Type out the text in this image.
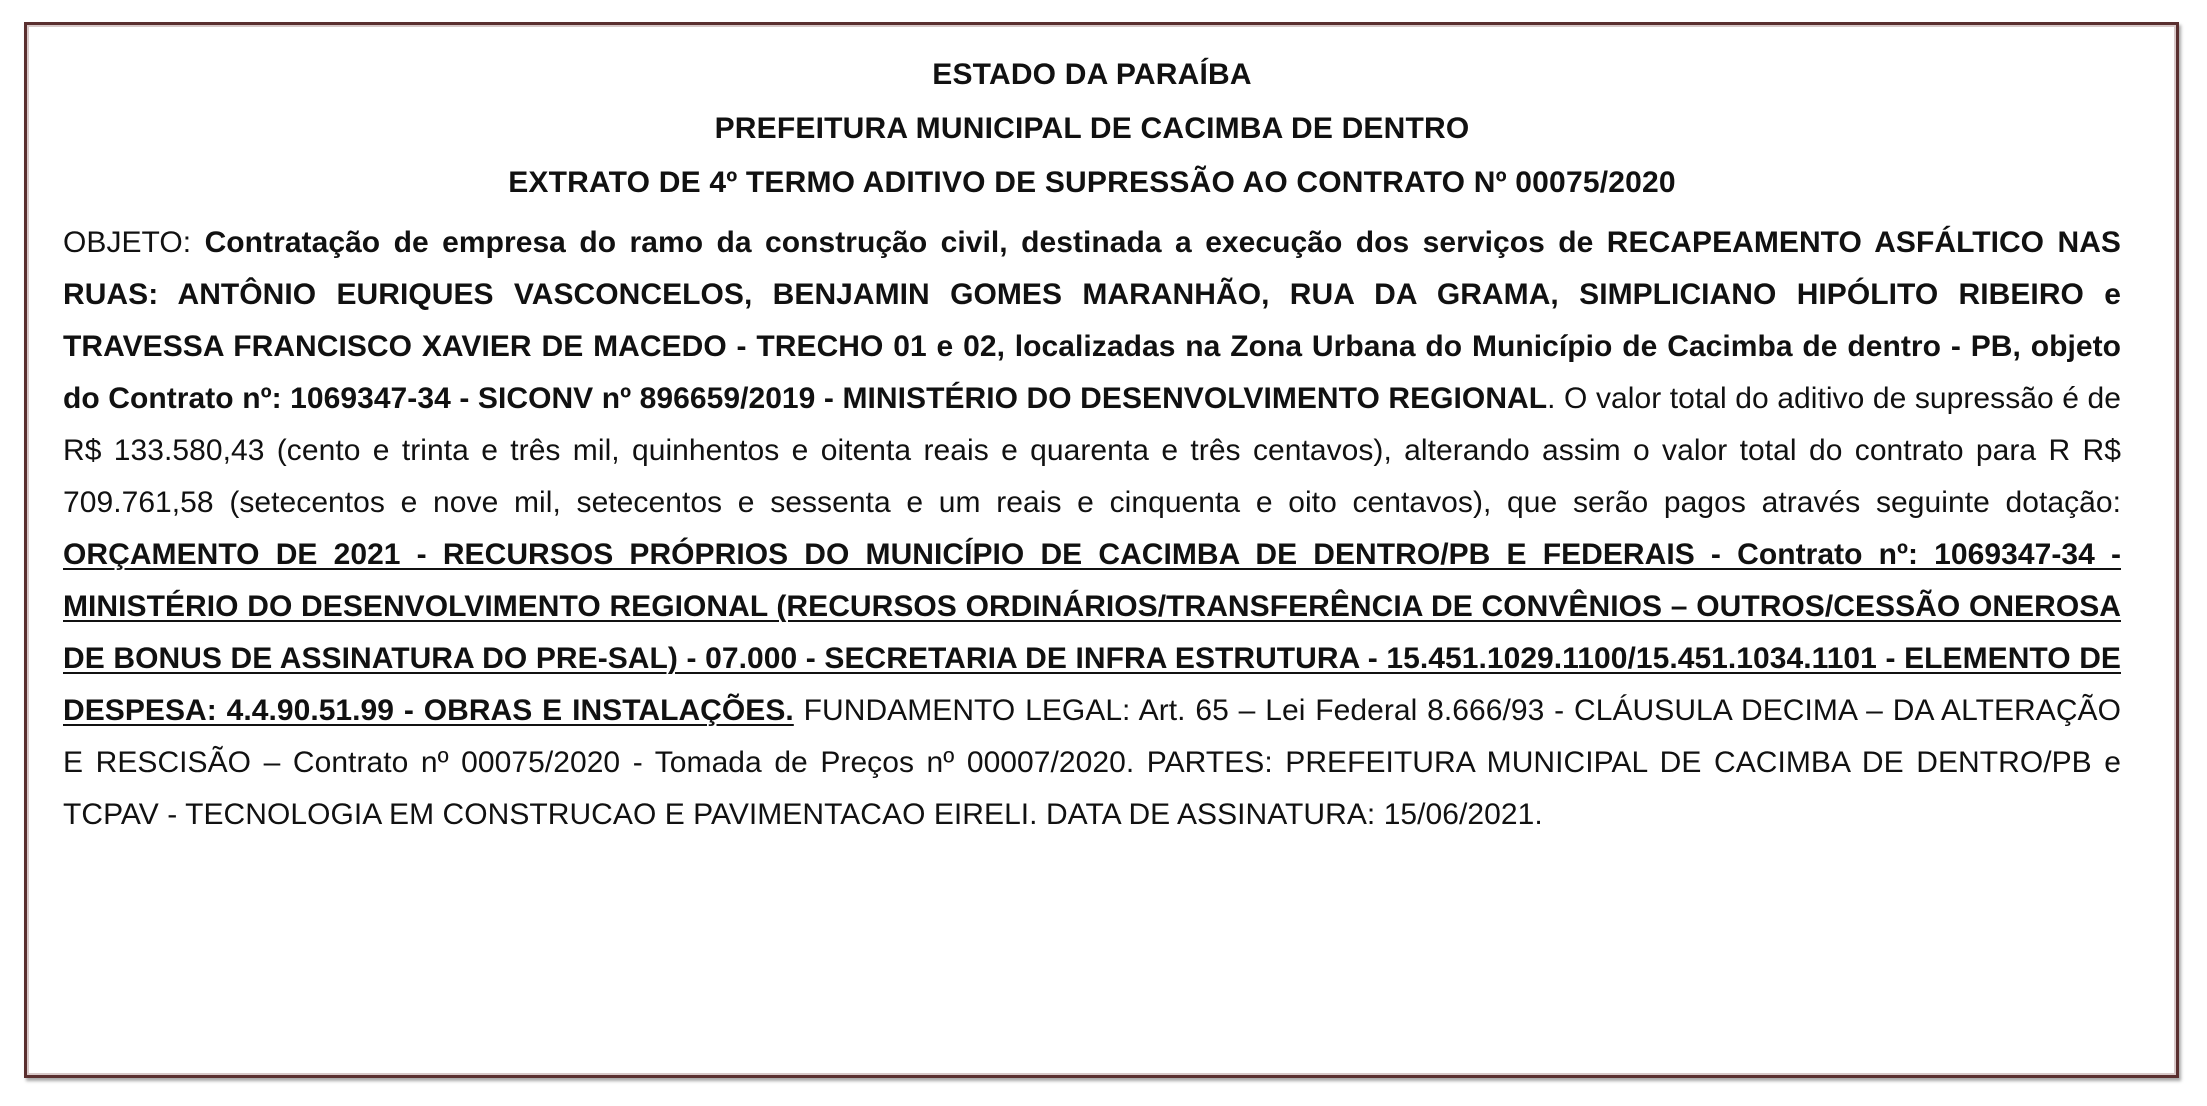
ESTADO DA PARAÍBA
PREFEITURA MUNICIPAL DE CACIMBA DE DENTRO
EXTRATO DE 4º TERMO ADITIVO DE SUPRESSÃO AO CONTRATO Nº 00075/2020

OBJETO: Contratação de empresa do ramo da construção civil, destinada a execução dos serviços de RECAPEAMENTO ASFÁLTICO NAS RUAS: ANTÔNIO EURIQUES VASCONCELOS, BENJAMIN GOMES MARANHÃO, RUA DA GRAMA, SIMPLICIANO HIPÓLITO RIBEIRO e TRAVESSA FRANCISCO XAVIER DE MACEDO - TRECHO 01 e 02, localizadas na Zona Urbana do Município de Cacimba de dentro - PB, objeto do Contrato nº: 1069347-34 - SICONV nº 896659/2019 - MINISTÉRIO DO DESENVOLVIMENTO REGIONAL. O valor total do aditivo de supressão é de R$ 133.580,43 (cento e trinta e três mil, quinhentos e oitenta reais e quarenta e três centavos), alterando assim o valor total do contrato para R R$ 709.761,58 (setecentos e nove mil, setecentos e sessenta e um reais e cinquenta e oito centavos), que serão pagos através seguinte dotação: ORÇAMENTO DE 2021 - RECURSOS PRÓPRIOS DO MUNICÍPIO DE CACIMBA DE DENTRO/PB E FEDERAIS - Contrato nº: 1069347-34 - MINISTÉRIO DO DESENVOLVIMENTO REGIONAL (RECURSOS ORDINÁRIOS/TRANSFERÊNCIA DE CONVÊNIOS – OUTROS/CESSÃO ONEROSA DE BONUS DE ASSINATURA DO PRE-SAL) - 07.000 - SECRETARIA DE INFRA ESTRUTURA - 15.451.1029.1100/15.451.1034.1101 - ELEMENTO DE DESPESA: 4.4.90.51.99 - OBRAS E INSTALAÇÕES. FUNDAMENTO LEGAL: Art. 65 – Lei Federal 8.666/93 - CLÁUSULA DECIMA – DA ALTERAÇÃO E RESCISÃO – Contrato nº 00075/2020 - Tomada de Preços nº 00007/2020. PARTES: PREFEITURA MUNICIPAL DE CACIMBA DE DENTRO/PB e TCPAV - TECNOLOGIA EM CONSTRUCAO E PAVIMENTACAO EIRELI. DATA DE ASSINATURA: 15/06/2021.
